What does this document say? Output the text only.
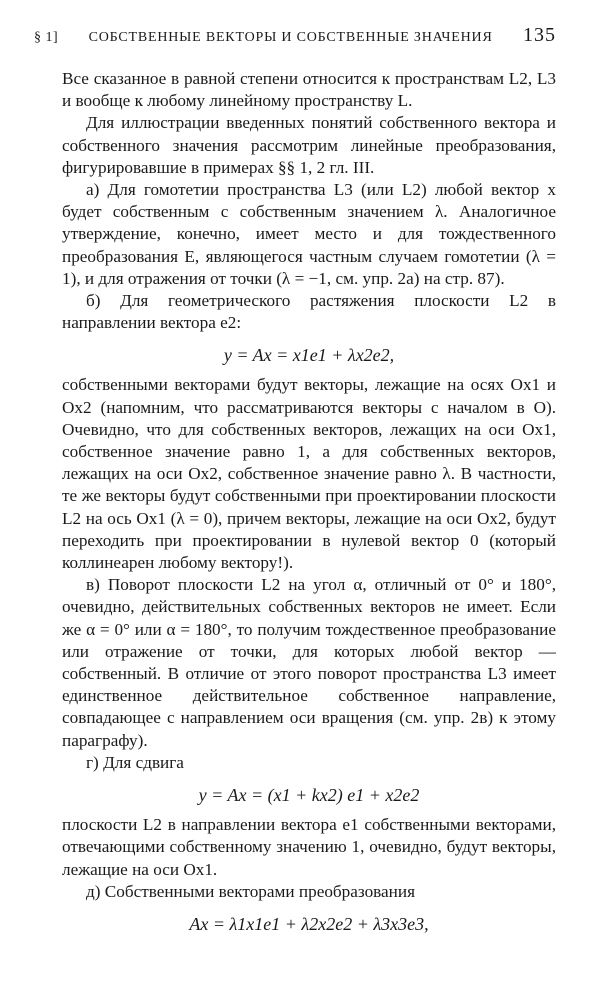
§ 1]	СОБСТВЕННЫЕ ВЕКТОРЫ И СОБСТВЕННЫЕ ЗНАЧЕНИЯ	135

Все сказанное в равной степени относится к пространствам L2, L3 и вообще к любому линейному пространству L.

Для иллюстрации введенных понятий собственного вектора и собственного значения рассмотрим линейные преобразования, фигурировавшие в примерах §§ 1, 2 гл. III.

а) Для гомотетии пространства L3 (или L2) любой вектор x будет собственным с собственным значением λ. Аналогичное утверждение, конечно, имеет место и для тождественного преобразования E, являющегося частным случаем гомотетии (λ = 1), и для отражения от точки (λ = −1, см. упр. 2а) на стр. 87).

б) Для геометрического растяжения плоскости L2 в направлении вектора e2:

y = Ax = x1e1 + λx2e2,

собственными векторами будут векторы, лежащие на осях Ox1 и Ox2 (напомним, что рассматриваются векторы с началом в O). Очевидно, что для собственных векторов, лежащих на оси Ox1, собственное значение равно 1, а для собственных векторов, лежащих на оси Ox2, собственное значение равно λ. В частности, те же векторы будут собственными при проектировании плоскости L2 на ось Ox1 (λ = 0), причем векторы, лежащие на оси Ox2, будут переходить при проектировании в нулевой вектор 0 (который коллинеарен любому вектору!).

в) Поворот плоскости L2 на угол α, отличный от 0° и 180°, очевидно, действительных собственных векторов не имеет. Если же α = 0° или α = 180°, то получим тождественное преобразование или отражение от точки, для которых любой вектор — собственный. В отличие от этого поворот пространства L3 имеет единственное действительное собственное направление, совпадающее с направлением оси вращения (см. упр. 2в) к этому параграфу).

г) Для сдвига

y = Ax = (x1 + kx2) e1 + x2e2

плоскости L2 в направлении вектора e1 собственными векторами, отвечающими собственному значению 1, очевидно, будут векторы, лежащие на оси Ox1.

д) Собственными векторами преобразования

Ax = λ1x1e1 + λ2x2e2 + λ3x3e3,
